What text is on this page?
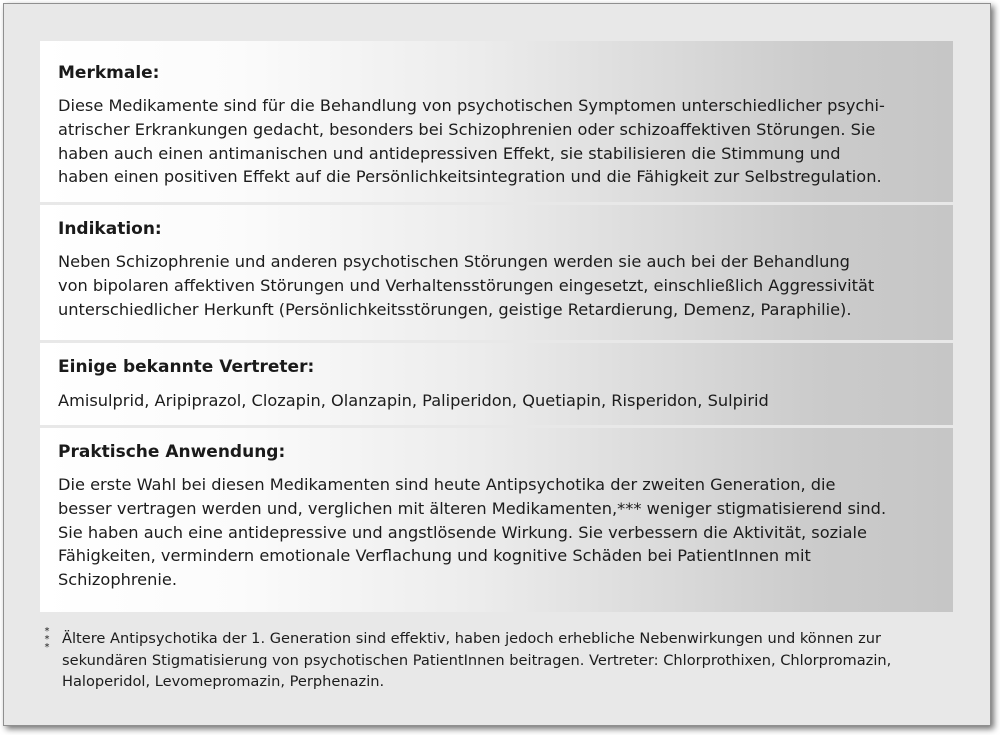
Merkmale:

Diese Medikamente sind für die Behandlung von psychotischen Symptomen unterschiedlicher psychi-
atrischer Erkrankungen gedacht, besonders bei Schizophrenien oder schizoaffektiven Störungen. Sie
haben auch einen antimanischen und antidepressiven Effekt, sie stabilisieren die Stimmung und
haben einen positiven Effekt auf die Persönlichkeitsintegration und die Fähigkeit zur Selbstregulation.

Indikation:

Neben Schizophrenie und anderen psychotischen Störungen werden sie auch bei der Behandlung
von bipolaren affektiven Störungen und Verhaltensstörungen eingesetzt, einschließlich Aggressivität
unterschiedlicher Herkunft (Persönlichkeitsstörungen, geistige Retardierung, Demenz, Paraphilie).

Einige bekannte Vertreter:

Amisulprid, Aripiprazol, Clozapin, Olanzapin, Paliperidon, Quetiapin, Risperidon, Sulpirid

Praktische Anwendung:

Die erste Wahl bei diesen Medikamenten sind heute Antipsychotika der zweiten Generation, die
besser vertragen werden und, verglichen mit älteren Medikamenten,*** weniger stigmatisierend sind.
Sie haben auch eine antidepressive und angstlösende Wirkung. Sie verbessern die Aktivität, soziale
Fähigkeiten, vermindern emotionale Verflachung und kognitive Schäden bei PatientInnen mit
Schizophrenie.

*
*
*

Ältere Antipsychotika der 1. Generation sind effektiv, haben jedoch erhebliche Nebenwirkungen und können zur
sekundären Stigmatisierung von psychotischen PatientInnen beitragen. Vertreter: Chlorprothixen, Chlorpromazin,
Haloperidol, Levomepromazin, Perphenazin.
